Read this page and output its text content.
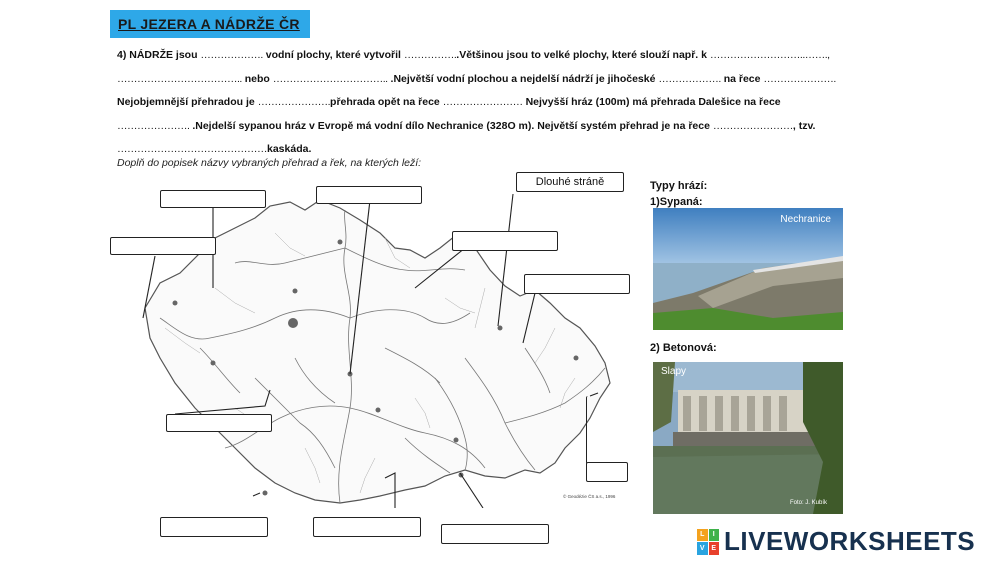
PL JEZERA A NÁDRŽE ČR
4) NÁDRŽE jsou ………………. vodní plochy, které vytvořil ……………..Většinou jsou to velké plochy, které slouží např. k ………………………..…….,
……………………………….. nebo …………………………….. .Největší vodní plochou a nejdelší nádrží je jihočeské ………………. na řece ………………….
Nejobjemnější přehradou je ………………….přehrada opět na řece …………………… Nejvyšší hráz (100m) má přehrada Dalešice na řece
…………………. .Nejdelší sypanou hráz v Evropě má vodní dílo Nechranice (328O m). Největší systém přehrad je na řece ……………………, tzv.
………………………………………kaskáda.
Doplň do popisek názvy vybraných přehrad a řek, na kterých leží:
© Geodézie ČS a.s., 1996
Dlouhé stráně	Typy hrází:
1)Sypaná:
Nechranice
2) Betonová:
Slapy
Foto: J. Kubík
L	I
V E LIVEWORKSHEETS
